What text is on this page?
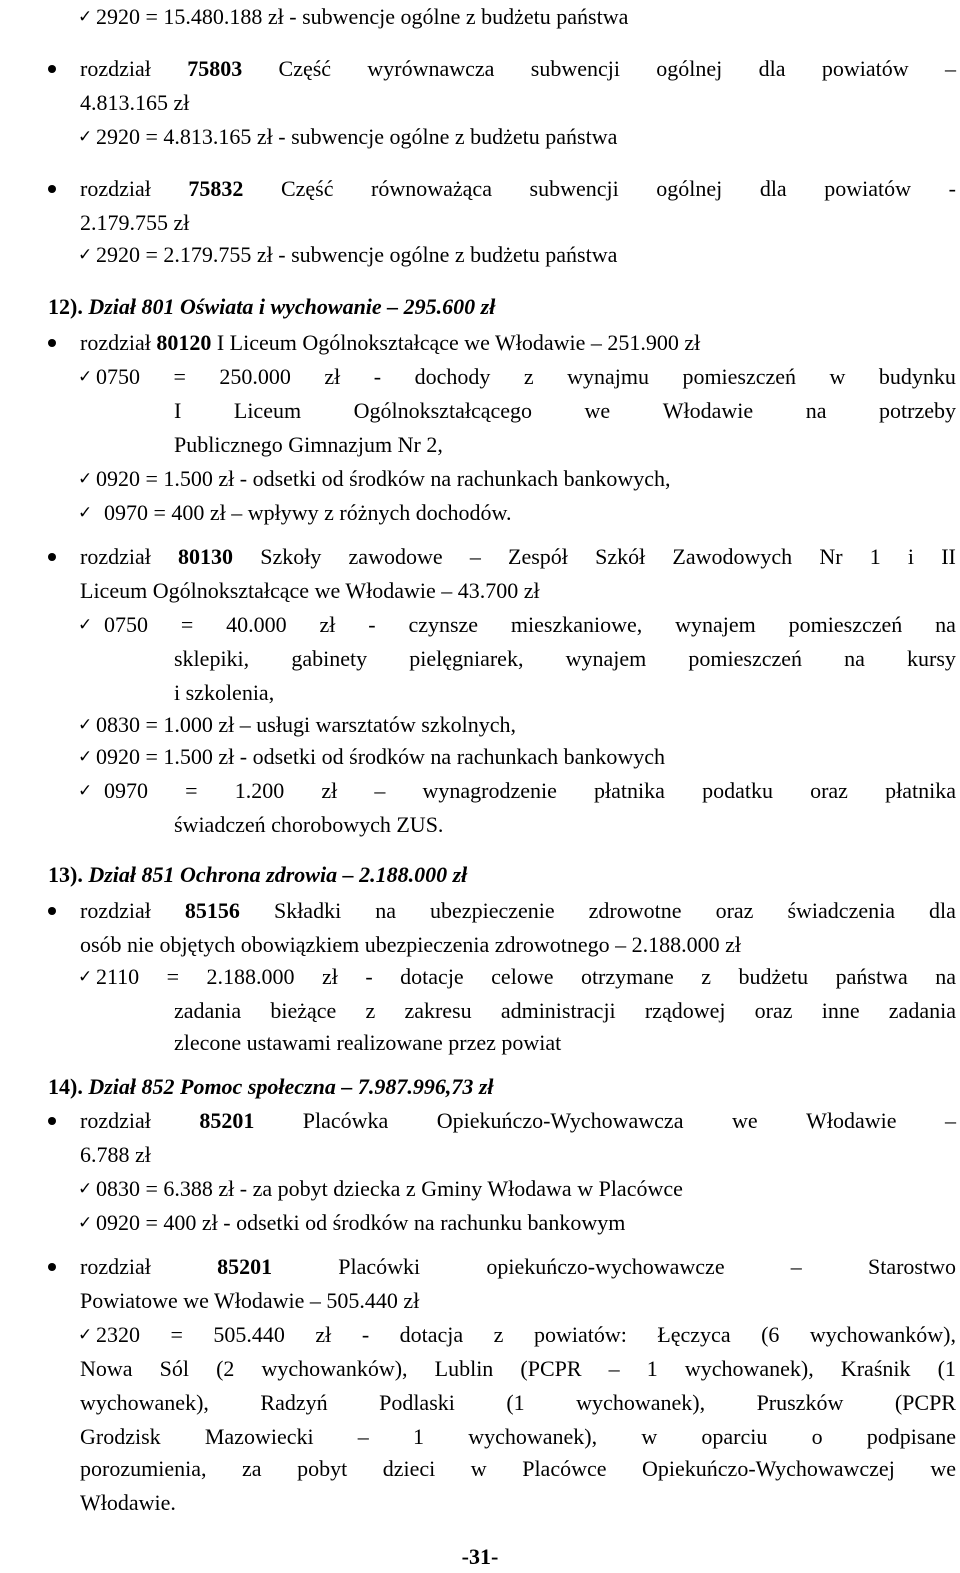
✓ 2920 = 15.480.188 zł - subwencje ogólne z budżetu państwa
rozdział 75803 Część wyrównawcza subwencji ogólnej dla powiatów –
4.813.165 zł
✓ 2920 = 4.813.165 zł - subwencje ogólne z budżetu państwa
rozdział 75832 Część równoważąca subwencji ogólnej dla powiatów -
2.179.755 zł
✓ 2920 = 2.179.755 zł - subwencje ogólne z budżetu państwa
12). Dział 801 Oświata i wychowanie – 295.600 zł
rozdział 80120 I Liceum Ogólnokształcące we Włodawie – 251.900 zł
✓ 0750 = 250.000 zł - dochody z wynajmu pomieszczeń w budynku
I Liceum Ogólnokształcącego we Włodawie na potrzeby
Publicznego Gimnazjum Nr 2,
✓ 0920 = 1.500 zł - odsetki od środków na rachunkach bankowych,
✓ 0970 = 400 zł – wpływy z różnych dochodów.
rozdział 80130 Szkoły zawodowe – Zespół Szkół Zawodowych Nr 1 i II
Liceum Ogólnokształcące we Włodawie – 43.700 zł
✓ 0750 = 40.000 zł - czynsze mieszkaniowe, wynajem pomieszczeń na
sklepiki, gabinety pielęgniarek, wynajem pomieszczeń na kursy
i szkolenia,
✓ 0830 = 1.000 zł – usługi warsztatów szkolnych,
✓ 0920 = 1.500 zł - odsetki od środków na rachunkach bankowych
✓ 0970 = 1.200 zł – wynagrodzenie płatnika podatku oraz płatnika
świadczeń chorobowych ZUS.
13). Dział 851 Ochrona zdrowia – 2.188.000 zł
rozdział 85156 Składki na ubezpieczenie zdrowotne oraz świadczenia dla
osób nie objętych obowiązkiem ubezpieczenia zdrowotnego – 2.188.000 zł
✓ 2110 = 2.188.000 zł - dotacje celowe otrzymane z budżetu państwa na
zadania bieżące z zakresu administracji rządowej oraz inne zadania
zlecone ustawami realizowane przez powiat
14). Dział 852 Pomoc społeczna – 7.987.996,73 zł
rozdział 85201 Placówka Opiekuńczo-Wychowawcza we Włodawie –
6.788 zł
✓ 0830 = 6.388 zł - za pobyt dziecka z Gminy Włodawa w Placówce
✓ 0920 = 400 zł - odsetki od środków na rachunku bankowym
rozdział	85201	Placówki	opiekuńczo-wychowawcze	–	Starostwo
Powiatowe we Włodawie – 505.440 zł
✓ 2320 = 505.440 zł - dotacja z powiatów: Łęczyca (6 wychowanków),
Nowa Sól (2 wychowanków), Lublin (PCPR – 1 wychowanek), Kraśnik (1
wychowanek), Radzyń Podlaski (1 wychowanek), Pruszków (PCPR
Grodzisk Mazowiecki – 1 wychowanek), w oparciu o podpisane
porozumienia, za pobyt dzieci w Placówce Opiekuńczo-Wychowawczej we
Włodawie.
-31-
